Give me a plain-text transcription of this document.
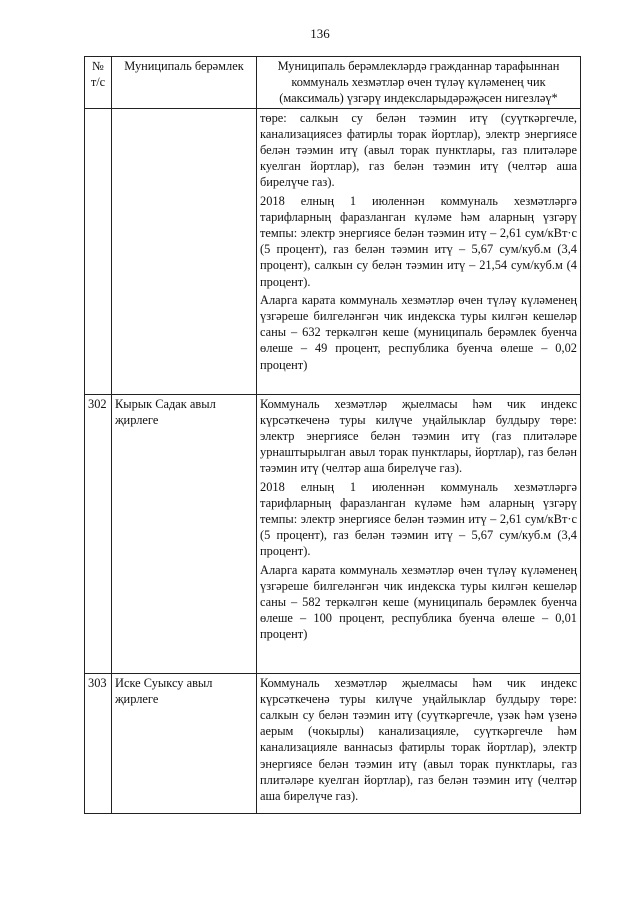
136
№ т/с	Муниципаль берәмлек	Муниципаль берәмлекләрдә гражданнар тарафыннан коммуналь хезмәтләр өчен түләү күләменең чик (максималь) үзгәрү индексларыдәрәҗәсен нигезләү*

		төре: салкын су белән тәэмин итү (суүткәргечле, канализациясез фатирлы торак йортлар), электр энергиясе белән тәэмин итү (авыл торак пунктлары, газ плитәләре куелган йортлар), газ белән тәэмин итү (челтәр аша бирелүче газ).

2018 елның 1 июленнән коммуналь хезмәтләргә тарифларның фаразланган күләме һәм аларның үзгәрү темпы: электр энергиясе белән тәэмин итү – 2,61 сум/кВт·с (5 процент), газ белән тәэмин итү – 5,67 сум/куб.м (3,4 процент), салкын су белән тәэмин итү – 21,54 сум/куб.м (4 процент).

Аларга карата коммуналь хезмәтләр өчен түләү күләменең үзгәреше билгеләнгән чик индекска туры килгән кешеләр саны – 632 теркәлгән кеше (муниципаль берәмлек буенча өлеше – 49 процент, республика буенча өлеше – 0,02 процент)

302	Кырык Садак авыл җирлеге	Коммуналь хезмәтләр җыелмасы һәм чик индекс күрсәткеченә туры килүче уңайлыклар булдыру төре: электр энергиясе белән тәэмин итү (газ плитәләре урнаштырылган авыл торак пунктлары, йортлар), газ белән тәэмин итү (челтәр аша бирелүче газ).

2018 елның 1 июленнән коммуналь хезмәтләргә тарифларның фаразланган күләме һәм аларның үзгәрү темпы: электр энергиясе белән тәэмин итү – 2,61 сум/кВт·с (5 процент), газ белән тәэмин итү – 5,67 сум/куб.м (3,4 процент).

Аларга карата коммуналь хезмәтләр өчен түләү күләменең үзгәреше билгеләнгән чик индекска туры килгән кешеләр саны – 582 теркәлгән кеше (муниципаль берәмлек буенча өлеше – 100 процент, республика буенча өлеше – 0,01 процент)

303	Иске Суыксу авыл җирлеге	Коммуналь хезмәтләр җыелмасы һәм чик индекс күрсәткеченә туры килүче уңайлыклар булдыру төре: салкын су белән тәэмин итү (суүткәргечле, үзәк һәм үзенә аерым (чокырлы) канализацияле, суүткәргечле һәм канализацияле ваннасыз фатирлы торак йортлар), электр энергиясе белән тәэмин итү (авыл торак пунктлары, газ плитәләре куелган йортлар), газ белән тәэмин итү (челтәр аша бирелүче газ).
